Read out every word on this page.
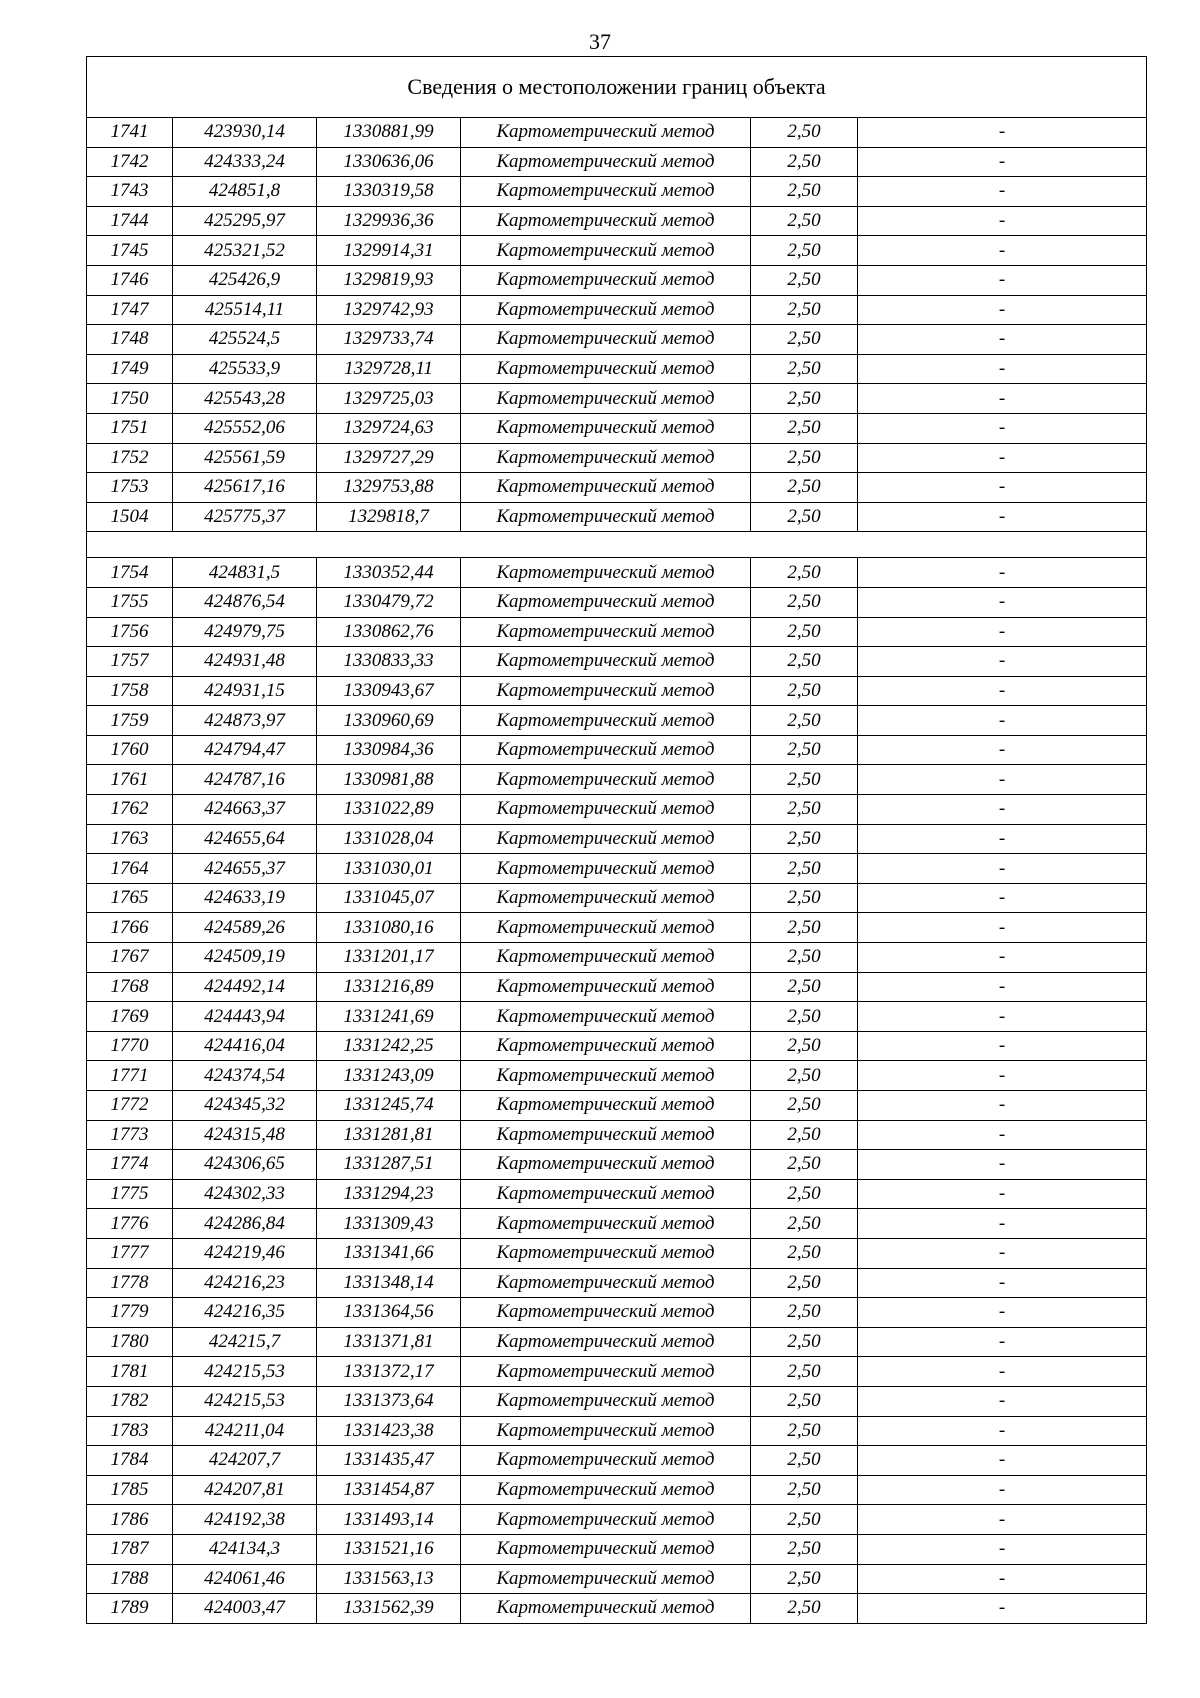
37
Сведения о местоположении границ объекта					
1741	423930,14	1330881,99	Картометрический метод	2,50	-
1742	424333,24	1330636,06	Картометрический метод	2,50	-
1743	424851,8	1330319,58	Картометрический метод	2,50	-
1744	425295,97	1329936,36	Картометрический метод	2,50	-
1745	425321,52	1329914,31	Картометрический метод	2,50	-
1746	425426,9	1329819,93	Картометрический метод	2,50	-
1747	425514,11	1329742,93	Картометрический метод	2,50	-
1748	425524,5	1329733,74	Картометрический метод	2,50	-
1749	425533,9	1329728,11	Картометрический метод	2,50	-
1750	425543,28	1329725,03	Картометрический метод	2,50	-
1751	425552,06	1329724,63	Картометрический метод	2,50	-
1752	425561,59	1329727,29	Картометрический метод	2,50	-
1753	425617,16	1329753,88	Картометрический метод	2,50	-
1504	425775,37	1329818,7	Картометрический метод	2,50	-

1754	424831,5	1330352,44	Картометрический метод	2,50	-
1755	424876,54	1330479,72	Картометрический метод	2,50	-
1756	424979,75	1330862,76	Картометрический метод	2,50	-
1757	424931,48	1330833,33	Картометрический метод	2,50	-
1758	424931,15	1330943,67	Картометрический метод	2,50	-
1759	424873,97	1330960,69	Картометрический метод	2,50	-
1760	424794,47	1330984,36	Картометрический метод	2,50	-
1761	424787,16	1330981,88	Картометрический метод	2,50	-
1762	424663,37	1331022,89	Картометрический метод	2,50	-
1763	424655,64	1331028,04	Картометрический метод	2,50	-
1764	424655,37	1331030,01	Картометрический метод	2,50	-
1765	424633,19	1331045,07	Картометрический метод	2,50	-
1766	424589,26	1331080,16	Картометрический метод	2,50	-
1767	424509,19	1331201,17	Картометрический метод	2,50	-
1768	424492,14	1331216,89	Картометрический метод	2,50	-
1769	424443,94	1331241,69	Картометрический метод	2,50	-
1770	424416,04	1331242,25	Картометрический метод	2,50	-
1771	424374,54	1331243,09	Картометрический метод	2,50	-
1772	424345,32	1331245,74	Картометрический метод	2,50	-
1773	424315,48	1331281,81	Картометрический метод	2,50	-
1774	424306,65	1331287,51	Картометрический метод	2,50	-
1775	424302,33	1331294,23	Картометрический метод	2,50	-
1776	424286,84	1331309,43	Картометрический метод	2,50	-
1777	424219,46	1331341,66	Картометрический метод	2,50	-
1778	424216,23	1331348,14	Картометрический метод	2,50	-
1779	424216,35	1331364,56	Картометрический метод	2,50	-
1780	424215,7	1331371,81	Картометрический метод	2,50	-
1781	424215,53	1331372,17	Картометрический метод	2,50	-
1782	424215,53	1331373,64	Картометрический метод	2,50	-
1783	424211,04	1331423,38	Картометрический метод	2,50	-
1784	424207,7	1331435,47	Картометрический метод	2,50	-
1785	424207,81	1331454,87	Картометрический метод	2,50	-
1786	424192,38	1331493,14	Картометрический метод	2,50	-
1787	424134,3	1331521,16	Картометрический метод	2,50	-
1788	424061,46	1331563,13	Картометрический метод	2,50	-
1789	424003,47	1331562,39	Картометрический метод	2,50	-
